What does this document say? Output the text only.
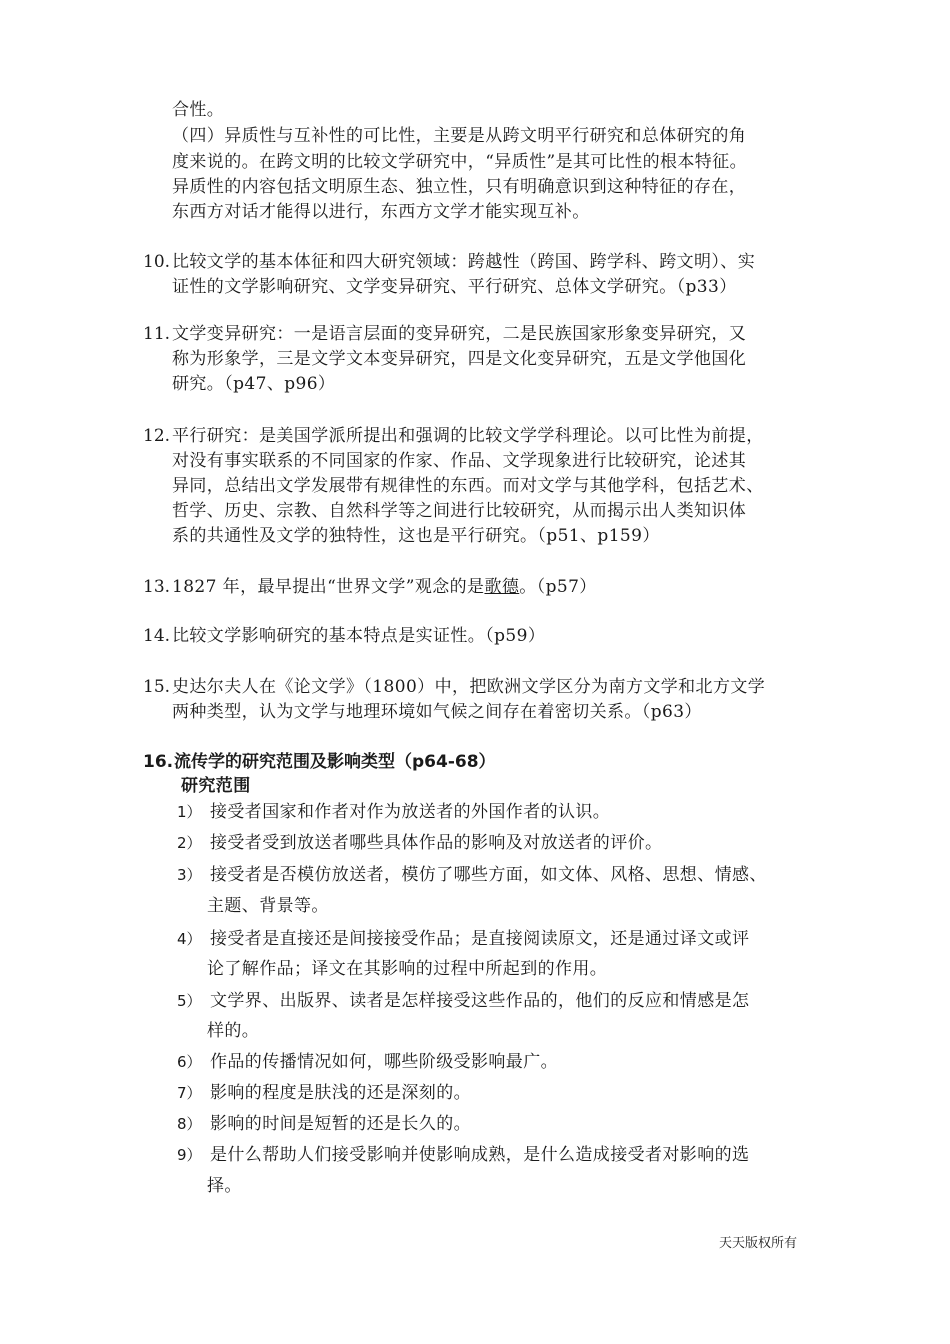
合性。
（四）异质性与互补性的可比性，主要是从跨文明平行研究和总体研究的角
度来说的。在跨文明的比较文学研究中，“异质性”是其可比性的根本特征。
异质性的内容包括文明原生态、独立性，只有明确意识到这种特征的存在，
东西方对话才能得以进行，东西方文学才能实现互补。
10. 比较文学的基本体征和四大研究领域：跨越性（跨国、跨学科、跨文明）、实
证性的文学影响研究、文学变异研究、平行研究、总体文学研究。（p33）
11. 文学变异研究：一是语言层面的变异研究，二是民族国家形象变异研究，又
称为形象学，三是文学文本变异研究，四是文化变异研究，五是文学他国化
研究。（p47、p96）
12. 平行研究：是美国学派所提出和强调的比较文学学科理论。以可比性为前提，
对没有事实联系的不同国家的作家、作品、文学现象进行比较研究，论述其
异同，总结出文学发展带有规律性的东西。而对文学与其他学科，包括艺术、
哲学、历史、宗教、自然科学等之间进行比较研究，从而揭示出人类知识体
系的共通性及文学的独特性，这也是平行研究。（p51、p159）
13. 1827 年，最早提出“世界文学”观念的是歌德。（p57）
14. 比较文学影响研究的基本特点是实证性。（p59）
15. 史达尔夫人在《论文学》（1800）中，把欧洲文学区分为南方文学和北方文学
两种类型，认为文学与地理环境如气候之间存在着密切关系。（p63）
16. 流传学的研究范围及影响类型（p64-68）
研究范围
1） 接受者国家和作者对作为放送者的外国作者的认识。
2） 接受者受到放送者哪些具体作品的影响及对放送者的评价。
3） 接受者是否模仿放送者，模仿了哪些方面，如文体、风格、思想、情感、
主题、背景等。
4） 接受者是直接还是间接接受作品；是直接阅读原文，还是通过译文或评
论了解作品；译文在其影响的过程中所起到的作用。
5） 文学界、出版界、读者是怎样接受这些作品的，他们的反应和情感是怎
样的。
6） 作品的传播情况如何，哪些阶级受影响最广。
7） 影响的程度是肤浅的还是深刻的。
8） 影响的时间是短暂的还是长久的。
9） 是什么帮助人们接受影响并使影响成熟，是什么造成接受者对影响的选
择。
天天版权所有
